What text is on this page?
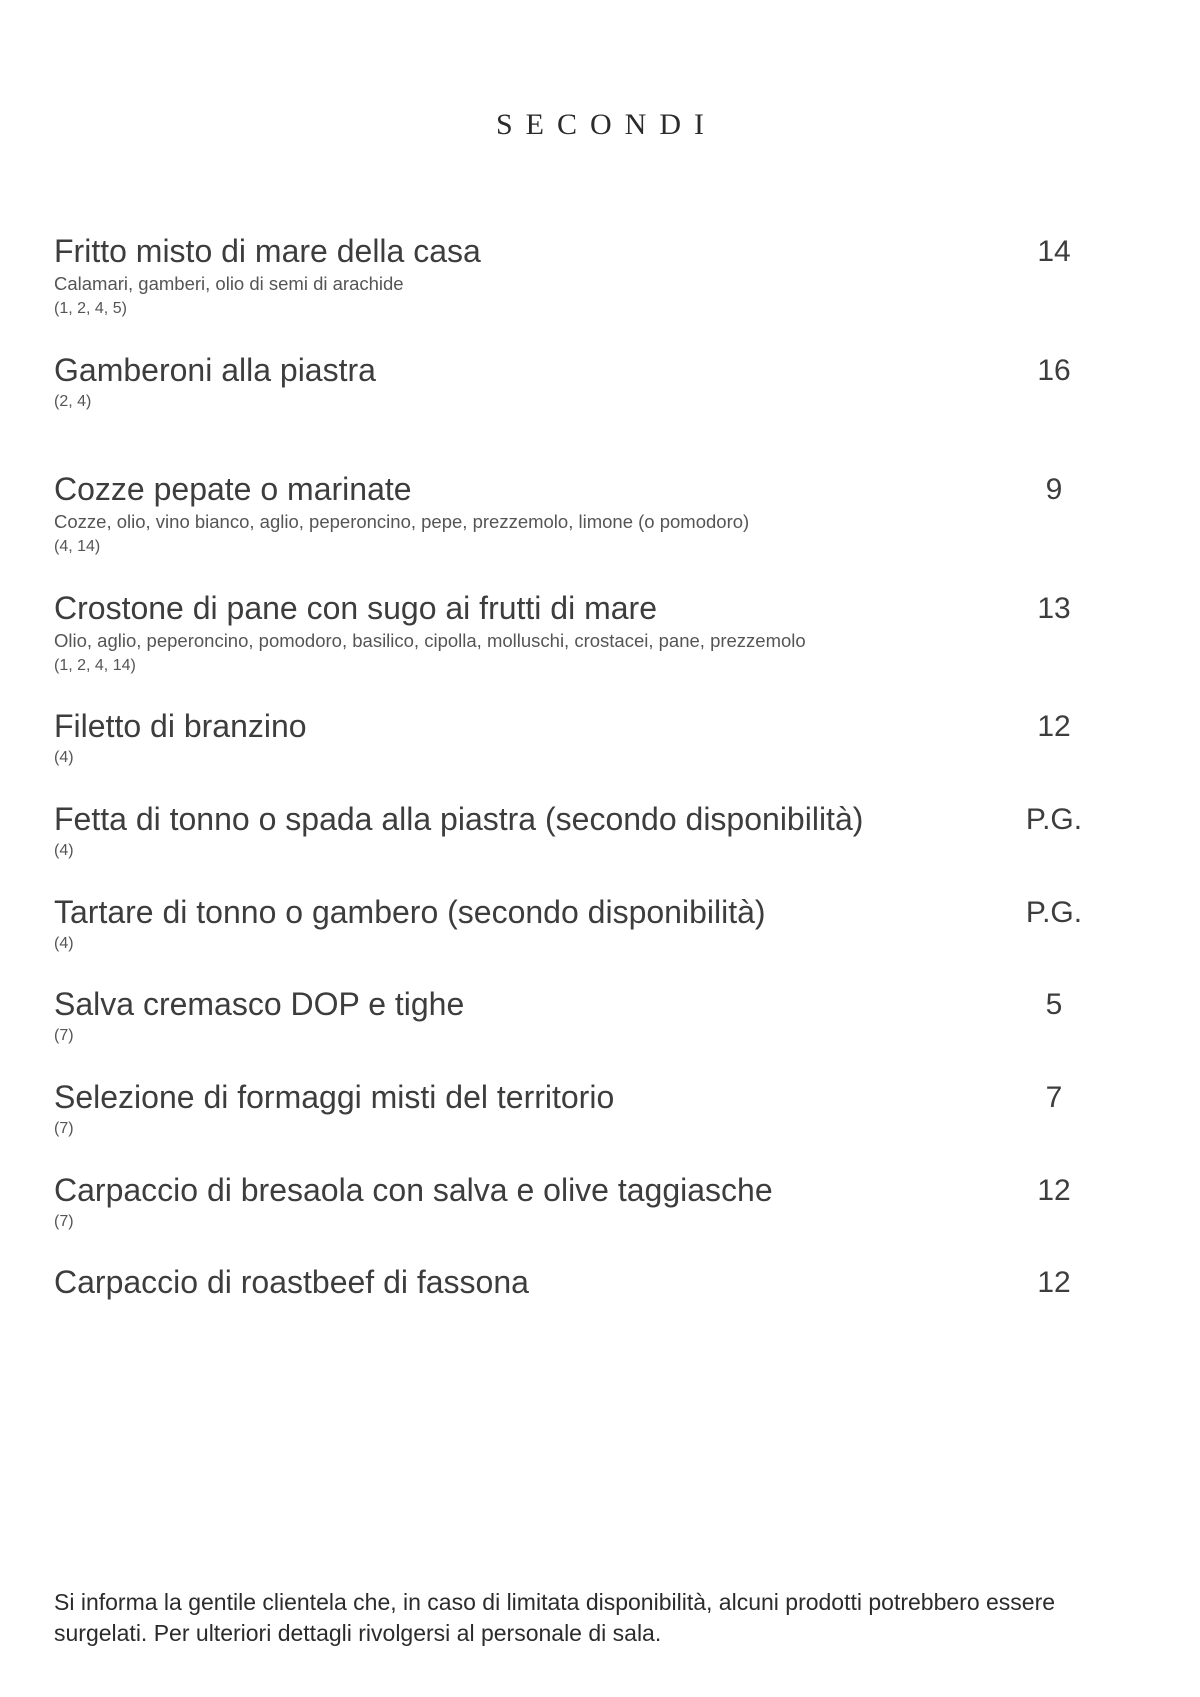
SECONDI
Fritto misto di mare della casa
Calamari, gamberi, olio di semi di arachide
(1, 2, 4, 5)
14
Gamberoni alla piastra
(2, 4)
16
Cozze pepate o marinate
Cozze, olio, vino bianco, aglio, peperoncino, pepe, prezzemolo, limone (o pomodoro)
(4, 14)
9
Crostone di pane con sugo ai frutti di mare
Olio, aglio, peperoncino, pomodoro, basilico, cipolla, molluschi, crostacei, pane, prezzemolo
(1, 2, 4, 14)
13
Filetto di branzino
(4)
12
Fetta di tonno o spada alla piastra (secondo disponibilità)
(4)
P.G.
Tartare di tonno o gambero (secondo disponibilità)
(4)
P.G.
Salva cremasco DOP e tighe
(7)
5
Selezione di formaggi misti del territorio
(7)
7
Carpaccio di bresaola con salva e olive taggiasche
(7)
12
Carpaccio di roastbeef di fassona	12

Si informa la gentile clientela che, in caso di limitata disponibilità, alcuni prodotti potrebbero essere surgelati. Per ulteriori dettagli rivolgersi al personale di sala.
